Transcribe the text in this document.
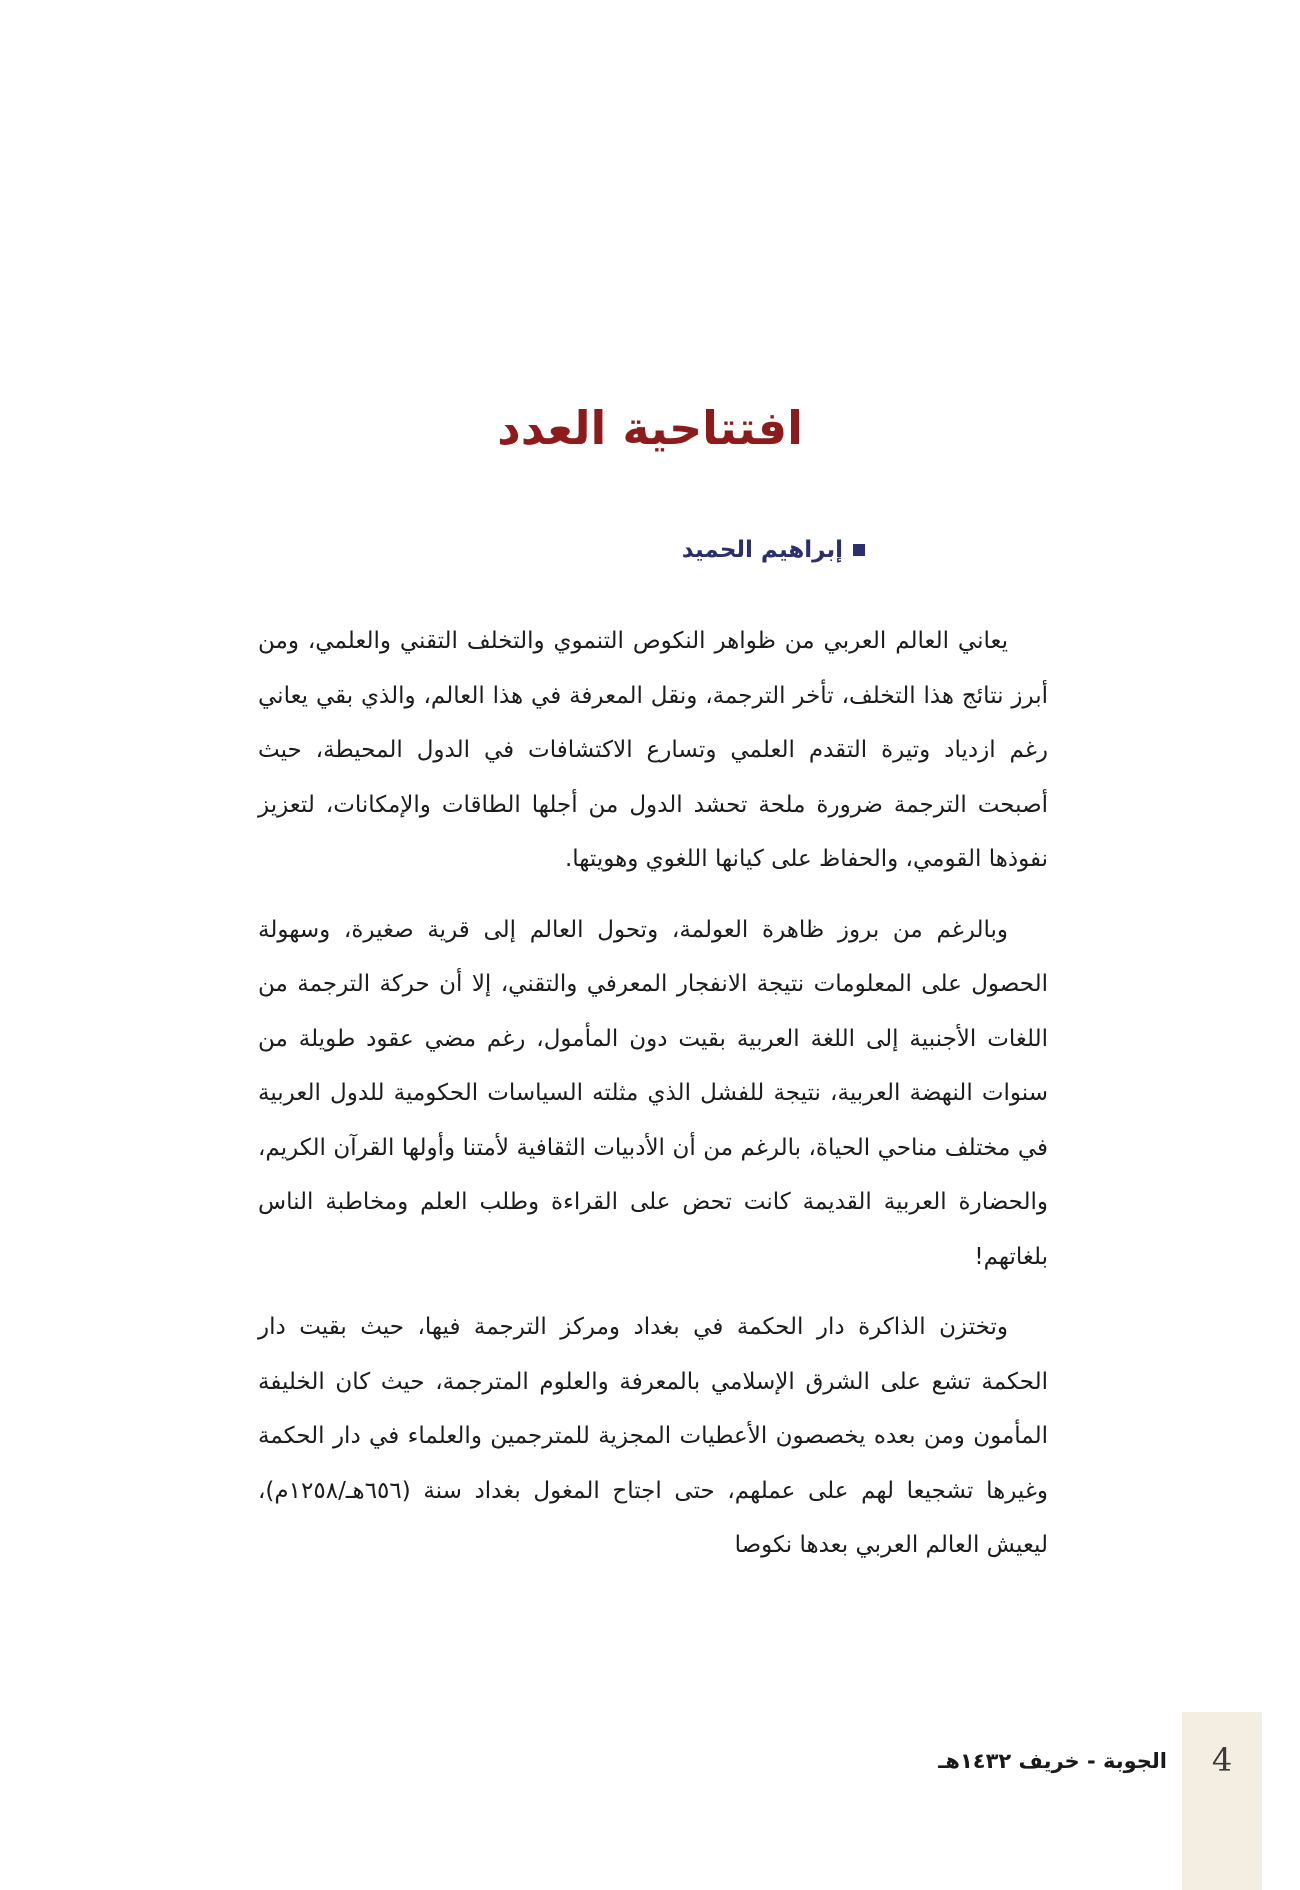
افتتاحية العدد
إبراهيم الحميد

يعاني العالم العربي من ظواهر النكوص التنموي والتخلف التقني والعلمي، ومن أبرز نتائج هذا التخلف، تأخر الترجمة، ونقل المعرفة في هذا العالم، والذي بقي يعاني رغم ازدياد وتيرة التقدم العلمي وتسارع الاكتشافات في الدول المحيطة، حيث أصبحت الترجمة ضرورة ملحة تحشد الدول من أجلها الطاقات والإمكانات، لتعزيز نفوذها القومي، والحفاظ على كيانها اللغوي وهويتها.

وبالرغم من بروز ظاهرة العولمة، وتحول العالم إلى قرية صغيرة، وسهولة الحصول على المعلومات نتيجة الانفجار المعرفي والتقني، إلا أن حركة الترجمة من اللغات الأجنبية إلى اللغة العربية بقيت دون المأمول، رغم مضي عقود طويلة من سنوات النهضة العربية، نتيجة للفشل الذي مثلته السياسات الحكومية للدول العربية في مختلف مناحي الحياة، بالرغم من أن الأدبيات الثقافية لأمتنا وأولها القرآن الكريم، والحضارة العربية القديمة كانت تحض على القراءة وطلب العلم ومخاطبة الناس بلغاتهم!

وتختزن الذاكرة دار الحكمة في بغداد ومركز الترجمة فيها، حيث بقيت دار الحكمة تشع على الشرق الإسلامي بالمعرفة والعلوم المترجمة، حيث كان الخليفة المأمون ومن بعده يخصصون الأعطيات المجزية للمترجمين والعلماء في دار الحكمة وغيرها تشجيعا لهم على عملهم، حتى اجتاح المغول بغداد سنة (٦٥٦هـ/١٢٥٨م)، ليعيش العالم العربي بعدها نكوصا

4
الجوبة - خريف ١٤٣٢هـ
